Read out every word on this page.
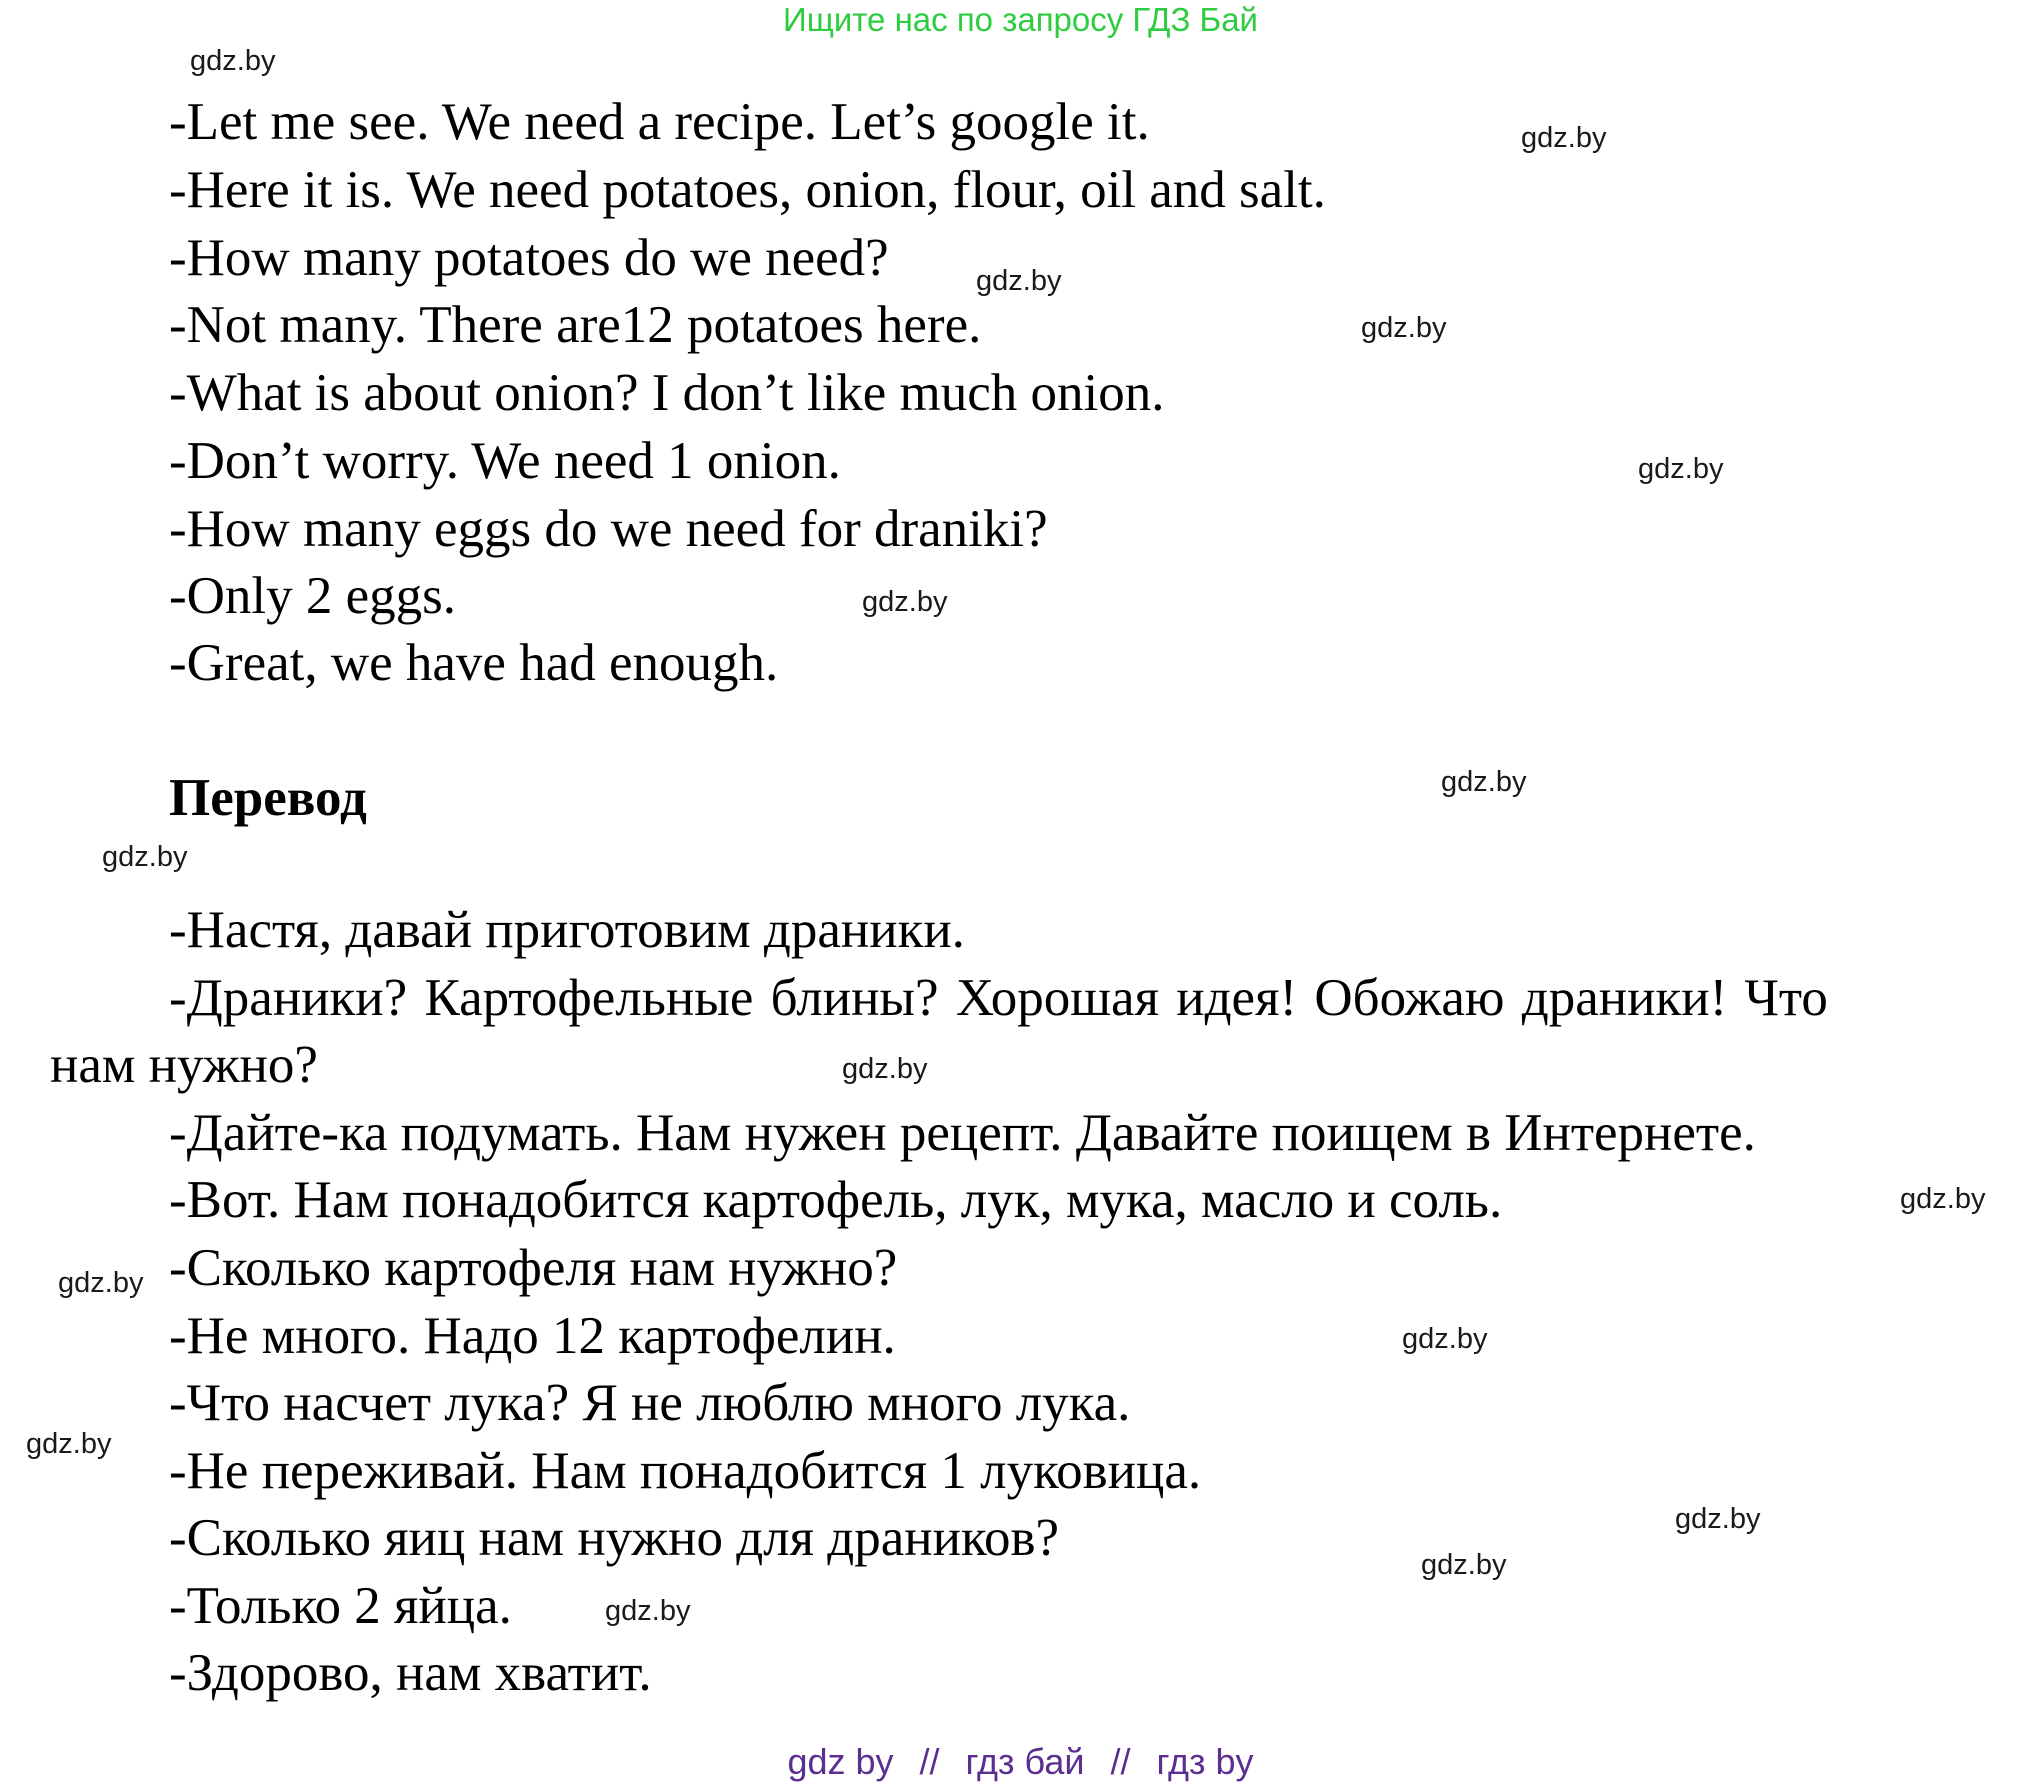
Ищите нас по запросу ГДЗ Бай
-Let me see. We need a recipe. Let’s google it.
-Here it is. We need potatoes, onion, flour, oil and salt.
-How many potatoes do we need?
-Not many. There are12 potatoes here.
-What is about onion? I don’t like much onion.
-Don’t worry. We need 1 onion.
-How many eggs do we need for draniki?
-Only 2 eggs.
-Great, we have had enough.
Перевод
-Настя, давай приготовим драники.
-Драники? Картофельные блины? Хорошая идея! Обожаю драники! Что
нам нужно?
-Дайте-ка подумать. Нам нужен рецепт. Давайте поищем в Интернете.
-Вот. Нам понадобится картофель, лук, мука, масло и соль.
-Сколько картофеля нам нужно?
-Не много. Надо 12 картофелин.
-Что насчет лука? Я не люблю много лука.
-Не переживай. Нам понадобится 1 луковица.
-Сколько яиц нам нужно для драников?
-Только 2 яйца.
-Здорово, нам хватит.
gdz.by
gdz.by
gdz.by
gdz.by
gdz.by
gdz.by
gdz.by
gdz.by
gdz.by
gdz.by
gdz.by
gdz.by
gdz.by
gdz.by
gdz.by
gdz.by
gdz by // гдз бай // гдз by
